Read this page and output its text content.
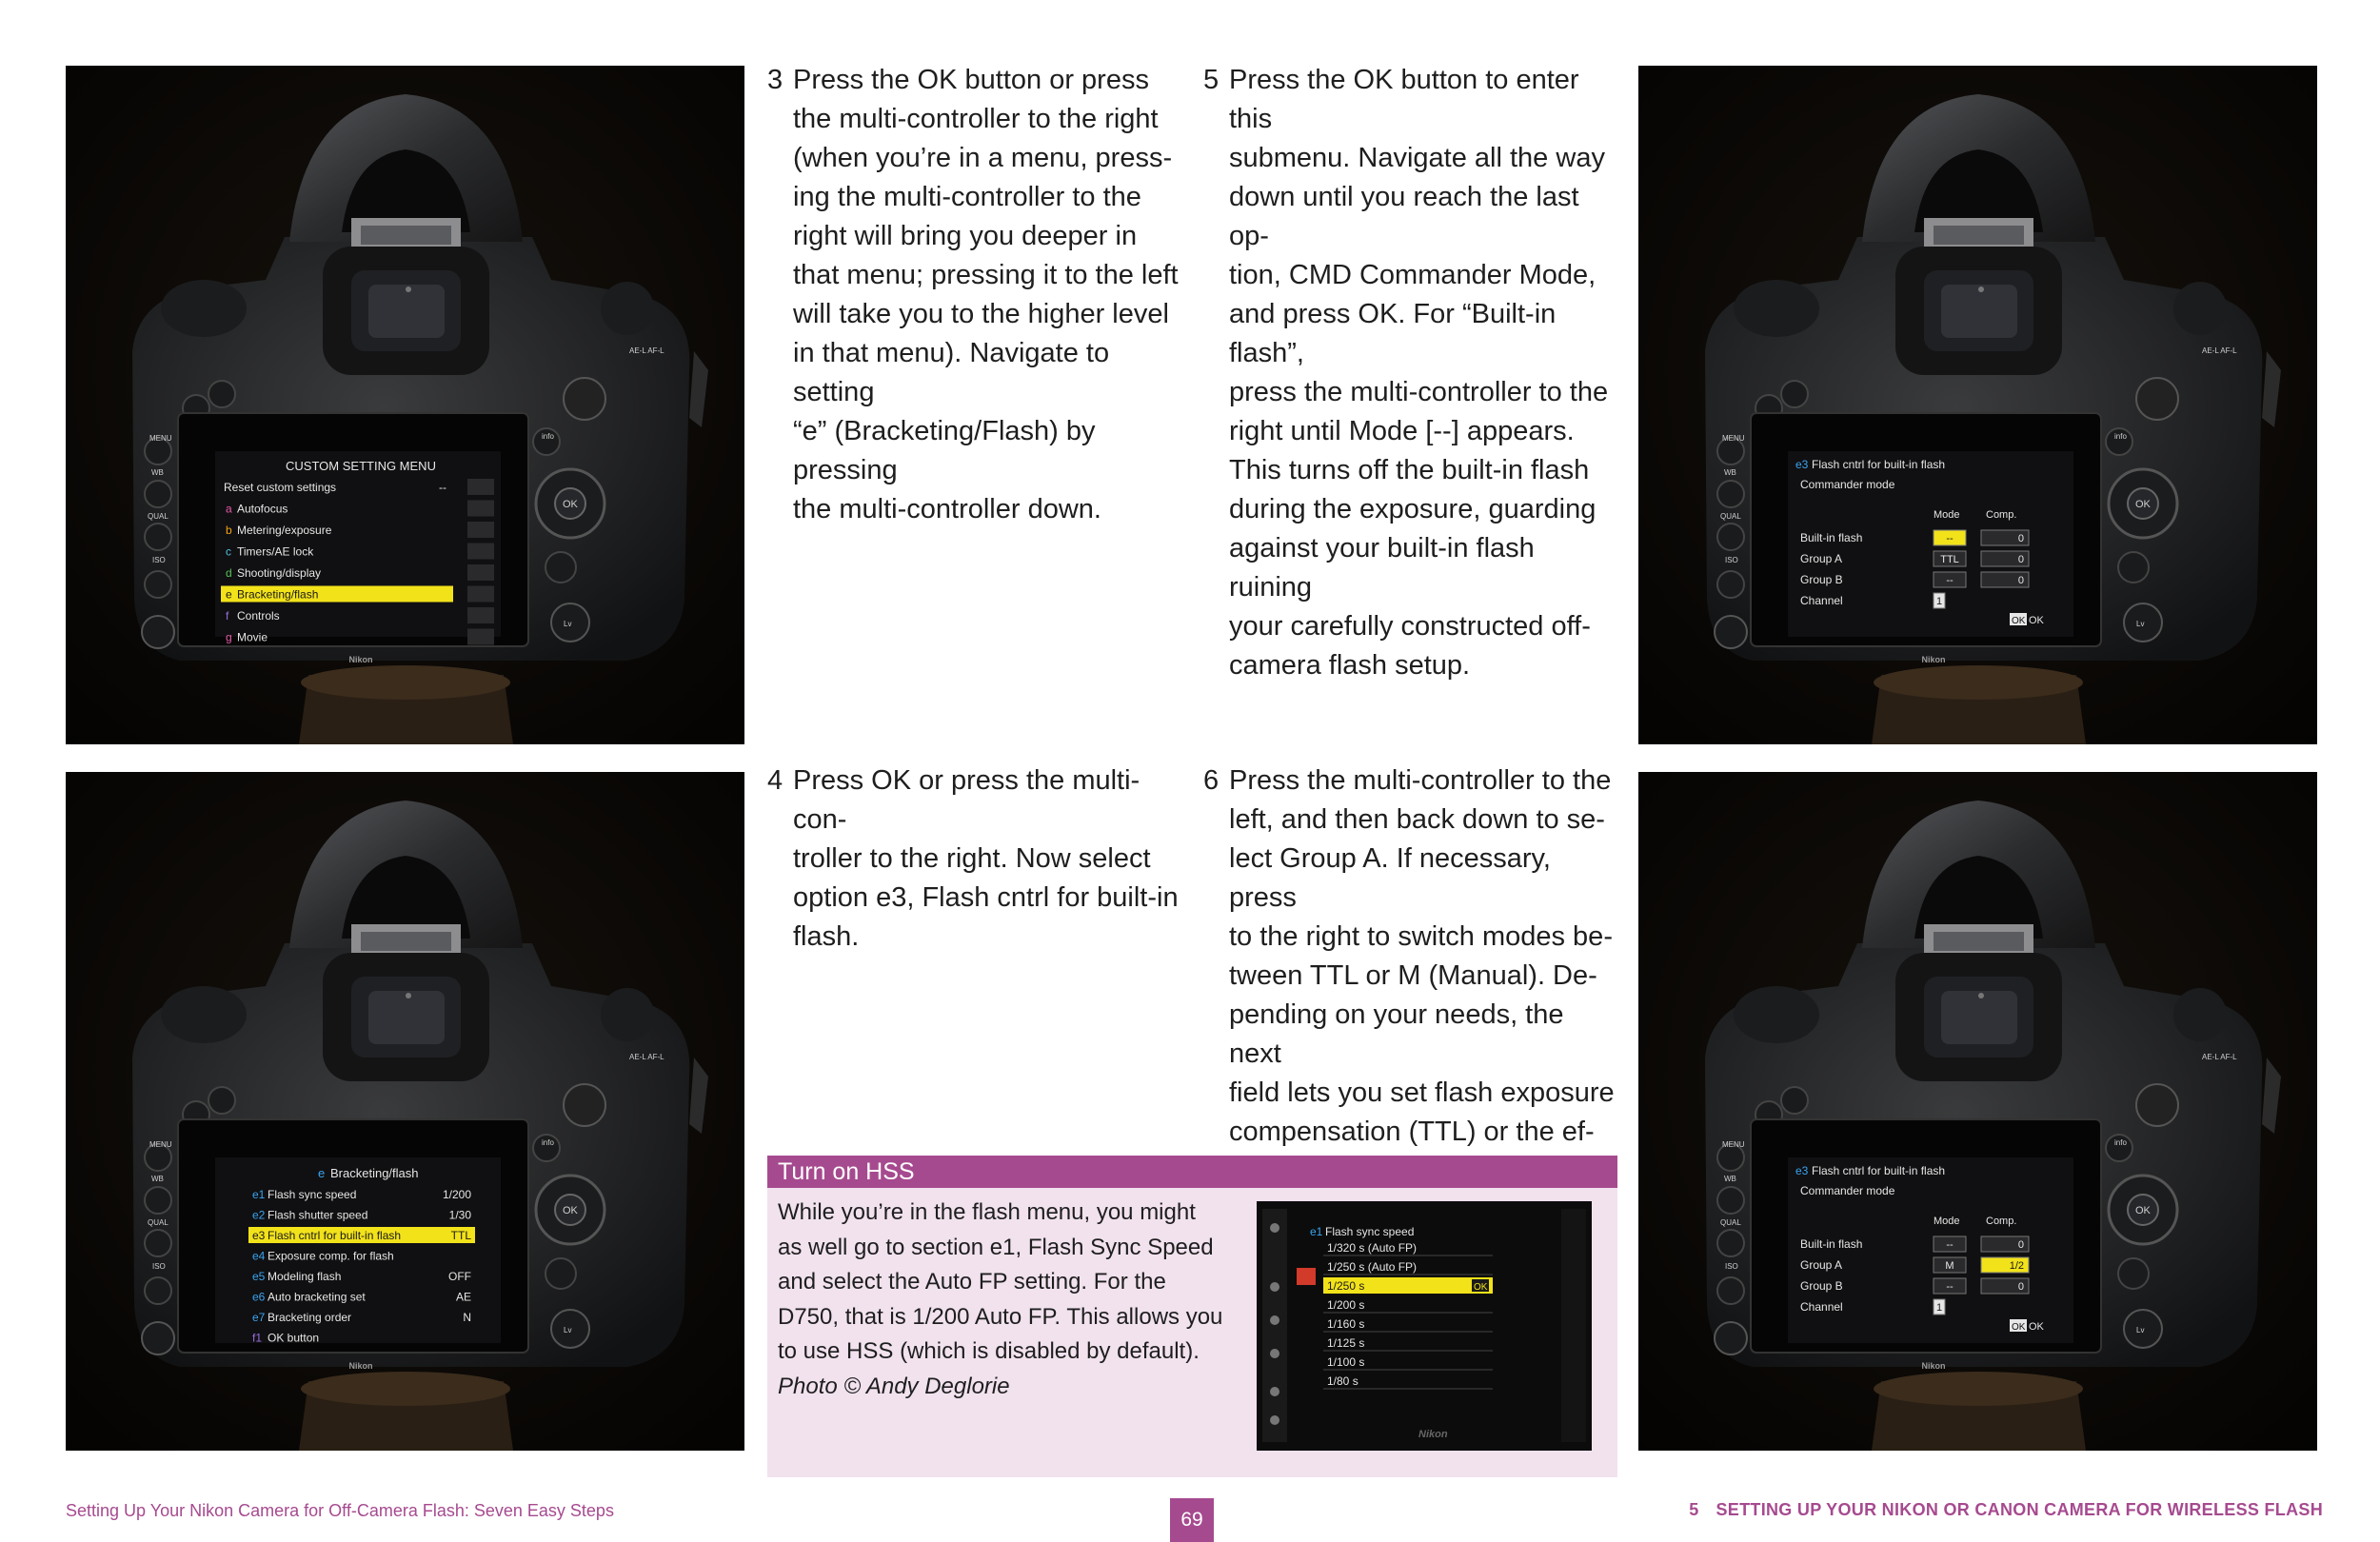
CUSTOM SETTING MENU
Reset custom settings	--
a Autofocus
b Metering/exposure
c Timers/AE lock
d Shooting/display
e Bracketing/flash
f Controls
g Movie
Nikon
MENU
WB
QUAL
ISO
AE-L AF-L
info
OK
Lv
e Bracketing/flash
e1 Flash sync speed	1/200
e2 Flash shutter speed	1/30
e3 Flash cntrl for built-in flash	TTL
e4 Exposure comp. for flash
e5 Modeling flash	OFF
e6 Auto bracketing set	AE
e7 Bracketing order	N
f1 OK button
Nikon
MENU
WB
QUAL
ISO
AE-L AF-L
info
OK
Lv
e3 Flash cntrl for built-in flash
Commander mode
Mode Comp.
Built-in flash	--	0
Group A	TTL	0
Group B	--	0
Channel	1
OK OK
Nikon
MENU
WB
QUAL
ISO
AE-L AF-L
info
OK
Lv
e3 Flash cntrl for built-in flash
Commander mode
Mode Comp.
Built-in flash	--	0
Group A	M	1/2
Group B	--	0
Channel	1
OK OK
Nikon
MENU
WB
QUAL
ISO
AE-L AF-L
info
OK
Lv
3 Press the OK button or press
the multi-controller to the right
(when you’re in a menu, press-
ing the multi-controller to the
right will bring you deeper in
that menu; pressing it to the left
will take you to the higher level
in that menu). Navigate to setting
“e” (Bracketing/Flash) by pressing
the multi-controller down.
5 Press the OK button to enter this
submenu. Navigate all the way
down until you reach the last op-
tion, CMD Commander Mode,
and press OK. For “Built-in flash”,
press the multi-controller to the
right until Mode [--] appears.
This turns off the built-in flash
during the exposure, guarding
against your built-in flash ruining
your carefully constructed off-
camera flash setup.
4 Press OK or press the multi-con-
troller to the right. Now select
option e3, Flash cntrl for built-in
flash.
6 Press the multi-controller to the
left, and then back down to se-
lect Group A. If necessary, press
to the right to switch modes be-
tween TTL or M (Manual). De-
pending on your needs, the next
field lets you set flash exposure
compensation (TTL) or the ef-

Turn on HSS
While you’re in the flash menu, you might
as well go to section e1, Flash Sync Speed
and select the Auto FP setting. For the
D750, that is 1/200 Auto FP. This allows you
to use HSS (which is disabled by default).
Photo © Andy Deglorie
e1 Flash sync speed
1/320 s (Auto FP)
1/250 s (Auto FP)
1/250 s	OK
1/200 s
1/160 s
1/125 s
1/100 s
1/80 s
Nikon
Setting Up Your Nikon Camera for Off-Camera Flash: Seven Easy Steps	69	5 SETTING UP YOUR NIKON OR CANON CAMERA FOR WIRELESS FLASH
